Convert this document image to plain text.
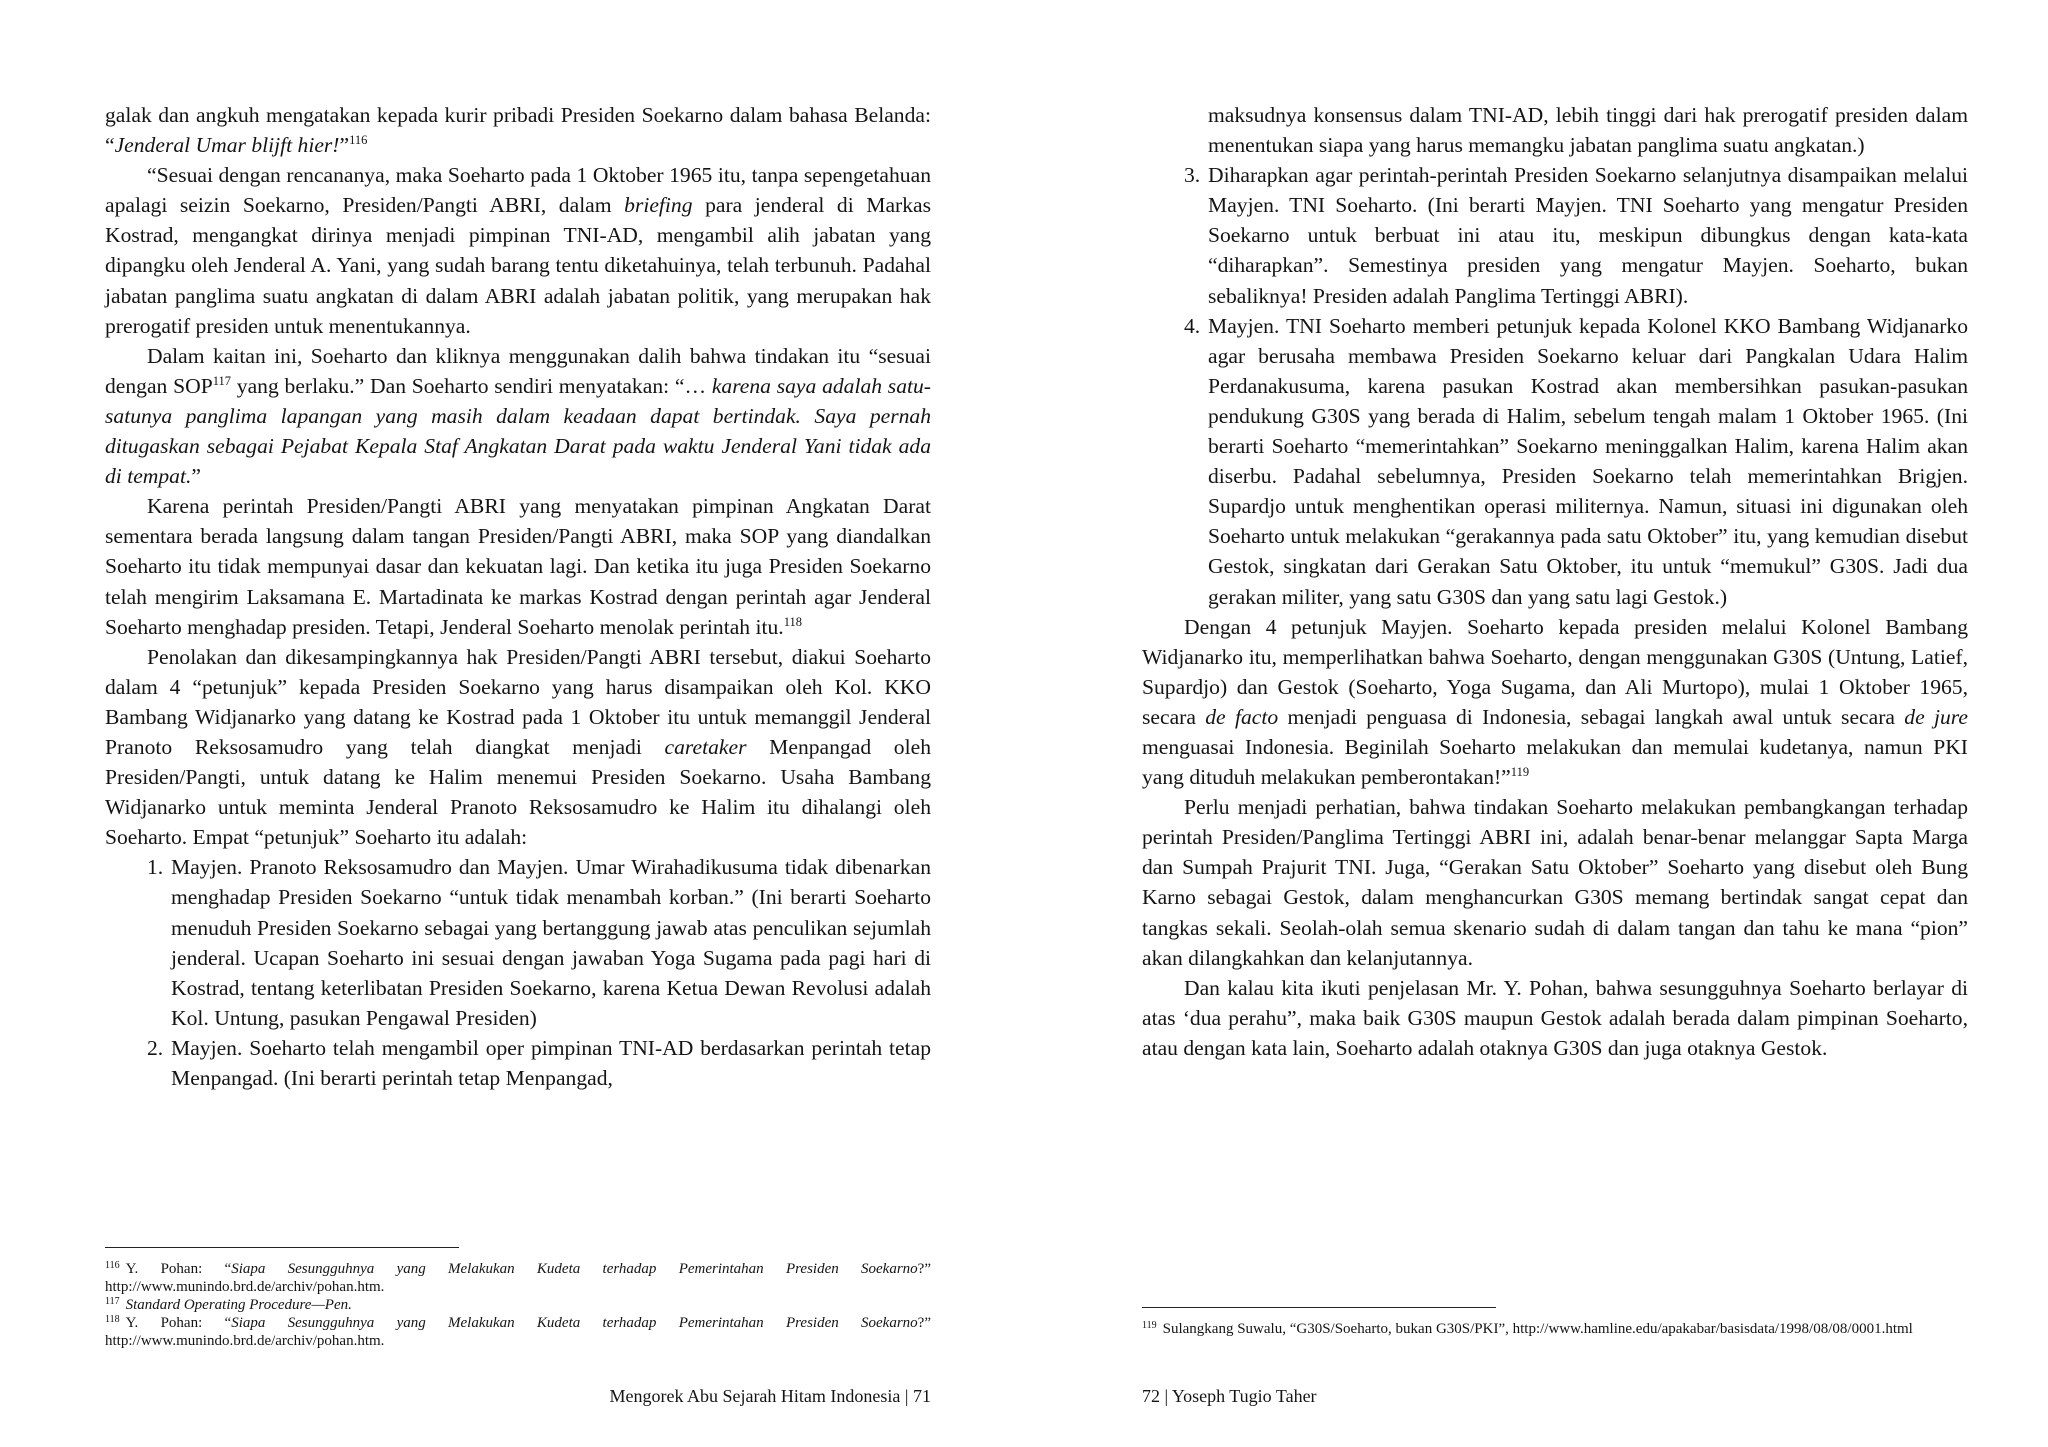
galak dan angkuh mengatakan kepada kurir pribadi Presiden Soekarno dalam bahasa Belanda: “Jenderal Umar blijft hier!”$^{116}$

“Sesuai dengan rencananya, maka Soeharto pada 1 Oktober 1965 itu, tanpa sepengetahuan apalagi seizin Soekarno, Presiden/Pangti ABRI, dalam briefing para jenderal di Markas Kostrad, mengangkat dirinya menjadi pimpinan TNI-AD, mengambil alih jabatan yang dipangku oleh Jenderal A. Yani, yang sudah barang tentu diketahuinya, telah terbunuh. Padahal jabatan panglima suatu angkatan di dalam ABRI adalah jabatan politik, yang merupakan hak prerogatif presiden untuk menentukannya.

Dalam kaitan ini, Soeharto dan kliknya menggunakan dalih bahwa tindakan itu “sesuai dengan SOP$^{117}$ yang berlaku.” Dan Soeharto sendiri menyatakan: “… karena saya adalah satu-satunya panglima lapangan yang masih dalam keadaan dapat bertindak. Saya pernah ditugaskan sebagai Pejabat Kepala Staf Angkatan Darat pada waktu Jenderal Yani tidak ada di tempat.”

Karena perintah Presiden/Pangti ABRI yang menyatakan pimpinan Angkatan Darat sementara berada langsung dalam tangan Presiden/Pangti ABRI, maka SOP yang diandalkan Soeharto itu tidak mempunyai dasar dan kekuatan lagi. Dan ketika itu juga Presiden Soekarno telah mengirim Laksamana E. Martadinata ke markas Kostrad dengan perintah agar Jenderal Soeharto menghadap presiden. Tetapi, Jenderal Soeharto menolak perintah itu.$^{118}$

Penolakan dan dikesampingkannya hak Presiden/Pangti ABRI tersebut, diakui Soeharto dalam 4 “petunjuk” kepada Presiden Soekarno yang harus disampaikan oleh Kol. KKO Bambang Widjanarko yang datang ke Kostrad pada 1 Oktober itu untuk memanggil Jenderal Pranoto Reksosamudro yang telah diangkat menjadi caretaker Menpangad oleh Presiden/Pangti, untuk datang ke Halim menemui Presiden Soekarno. Usaha Bambang Widjanarko untuk meminta Jenderal Pranoto Reksosamudro ke Halim itu dihalangi oleh Soeharto. Empat “petunjuk” Soeharto itu adalah:

1. Mayjen. Pranoto Reksosamudro dan Mayjen. Umar Wirahadikusuma tidak dibenarkan menghadap Presiden Soekarno “untuk tidak menambah korban.” (Ini berarti Soeharto menuduh Presiden Soekarno sebagai yang bertanggung jawab atas penculikan sejumlah jenderal. Ucapan Soeharto ini sesuai dengan jawaban Yoga Sugama pada pagi hari di Kostrad, tentang keterlibatan Presiden Soekarno, karena Ketua Dewan Revolusi adalah Kol. Untung, pasukan Pengawal Presiden)
2. Mayjen. Soeharto telah mengambil oper pimpinan TNI-AD berdasarkan perintah tetap Menpangad. (Ini berarti perintah tetap Menpangad,

$^{116}$ Y. Pohan: “Siapa Sesungguhnya yang Melakukan Kudeta terhadap Pemerintahan Presiden Soekarno?” http://www.munindo.brd.de/archiv/pohan.htm.

$^{117}$ Standard Operating Procedure—Pen.

$^{118}$ Y. Pohan: “Siapa Sesungguhnya yang Melakukan Kudeta terhadap Pemerintahan Presiden Soekarno?” http://www.munindo.brd.de/archiv/pohan.htm.

Mengorek Abu Sejarah Hitam Indonesia | 71
maksudnya konsensus dalam TNI-AD, lebih tinggi dari hak prerogatif presiden dalam menentukan siapa yang harus memangku jabatan panglima suatu angkatan.)
3. Diharapkan agar perintah-perintah Presiden Soekarno selanjutnya disampaikan melalui Mayjen. TNI Soeharto. (Ini berarti Mayjen. TNI Soeharto yang mengatur Presiden Soekarno untuk berbuat ini atau itu, meskipun dibungkus dengan kata-kata “diharapkan”. Semestinya presiden yang mengatur Mayjen. Soeharto, bukan sebaliknya! Presiden adalah Panglima Tertinggi ABRI).
4. Mayjen. TNI Soeharto memberi petunjuk kepada Kolonel KKO Bambang Widjanarko agar berusaha membawa Presiden Soekarno keluar dari Pangkalan Udara Halim Perdanakusuma, karena pasukan Kostrad akan membersihkan pasukan-pasukan pendukung G30S yang berada di Halim, sebelum tengah malam 1 Oktober 1965. (Ini berarti Soeharto “memerintahkan” Soekarno meninggalkan Halim, karena Halim akan diserbu. Padahal sebelumnya, Presiden Soekarno telah memerintahkan Brigjen. Supardjo untuk menghentikan operasi militernya. Namun, situasi ini digunakan oleh Soeharto untuk melakukan “gerakannya pada satu Oktober” itu, yang kemudian disebut Gestok, singkatan dari Gerakan Satu Oktober, itu untuk “memukul” G30S. Jadi dua gerakan militer, yang satu G30S dan yang satu lagi Gestok.)

Dengan 4 petunjuk Mayjen. Soeharto kepada presiden melalui Kolonel Bambang Widjanarko itu, memperlihatkan bahwa Soeharto, dengan menggunakan G30S (Untung, Latief, Supardjo) dan Gestok (Soeharto, Yoga Sugama, dan Ali Murtopo), mulai 1 Oktober 1965, secara de facto menjadi penguasa di Indonesia, sebagai langkah awal untuk secara de jure menguasai Indonesia. Beginilah Soeharto melakukan dan memulai kudetanya, namun PKI yang dituduh melakukan pemberontakan!”$^{119}$

Perlu menjadi perhatian, bahwa tindakan Soeharto melakukan pembangkangan terhadap perintah Presiden/Panglima Tertinggi ABRI ini, adalah benar-benar melanggar Sapta Marga dan Sumpah Prajurit TNI. Juga, “Gerakan Satu Oktober” Soeharto yang disebut oleh Bung Karno sebagai Gestok, dalam menghancurkan G30S memang bertindak sangat cepat dan tangkas sekali. Seolah-olah semua skenario sudah di dalam tangan dan tahu ke mana “pion” akan dilangkahkan dan kelanjutannya.

Dan kalau kita ikuti penjelasan Mr. Y. Pohan, bahwa sesungguhnya Soeharto berlayar di atas ‘dua perahu”, maka baik G30S maupun Gestok adalah berada dalam pimpinan Soeharto, atau dengan kata lain, Soeharto adalah otaknya G30S dan juga otaknya Gestok.

$^{119}$ Sulangkang Suwalu, “G30S/Soeharto, bukan G30S/PKI”, http://www.hamline.edu/apakabar/basisdata/1998/08/08/0001.html

72 | Yoseph Tugio Taher
